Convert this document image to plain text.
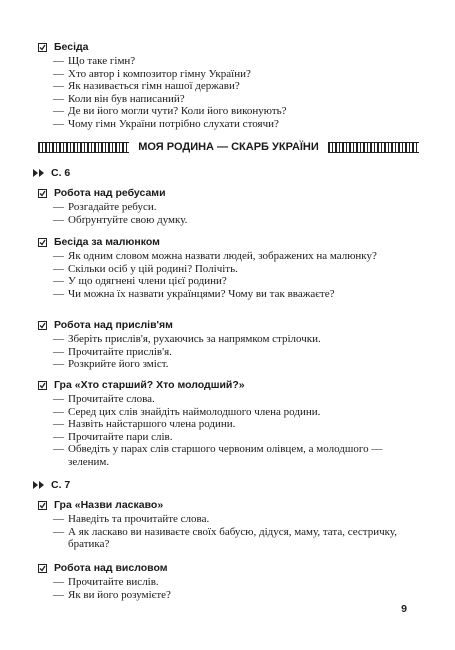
Бесіда
— Що таке гімн?
— Хто автор і композитор гімну України?
— Як називається гімн нашої держави?
— Коли він був написаний?
— Де ви його могли чути? Коли його виконують?
— Чому гімн України потрібно слухати стоячи?
МОЯ РОДИНА — СКАРБ УКРАЇНИ
С. 6
Робота над ребусами
— Розгадайте ребуси.
— Обґрунтуйте свою думку.
Бесіда за малюнком
— Як одним словом можна назвати людей, зображених на малюнку?
— Скільки осіб у цій родині? Полічіть.
— У що одягнені члени цієї родини?
— Чи можна їх назвати українцями? Чому ви так вважаєте?
Робота над прислів'ям
— Зберіть прислів'я, рухаючись за напрямком стрілочки.
— Прочитайте прислів'я.
— Розкрийте його зміст.
Гра «Хто старший? Хто молодший?»
— Прочитайте слова.
— Серед цих слів знайдіть наймолодшого члена родини.
— Назвіть найстаршого члена родини.
— Прочитайте пари слів.
— Обведіть у парах слів старшого червоним олівцем, а молодшого — зеленим.
С. 7
Гра «Назви лаcкаво»
— Наведіть та прочитайте слова.
— А як ласкаво ви називаєте своїх бабусю, дідуся, маму, тата, сестричку, братика?
Робота над висловом
— Прочитайте вислів.
— Як ви його розумієте?
9
